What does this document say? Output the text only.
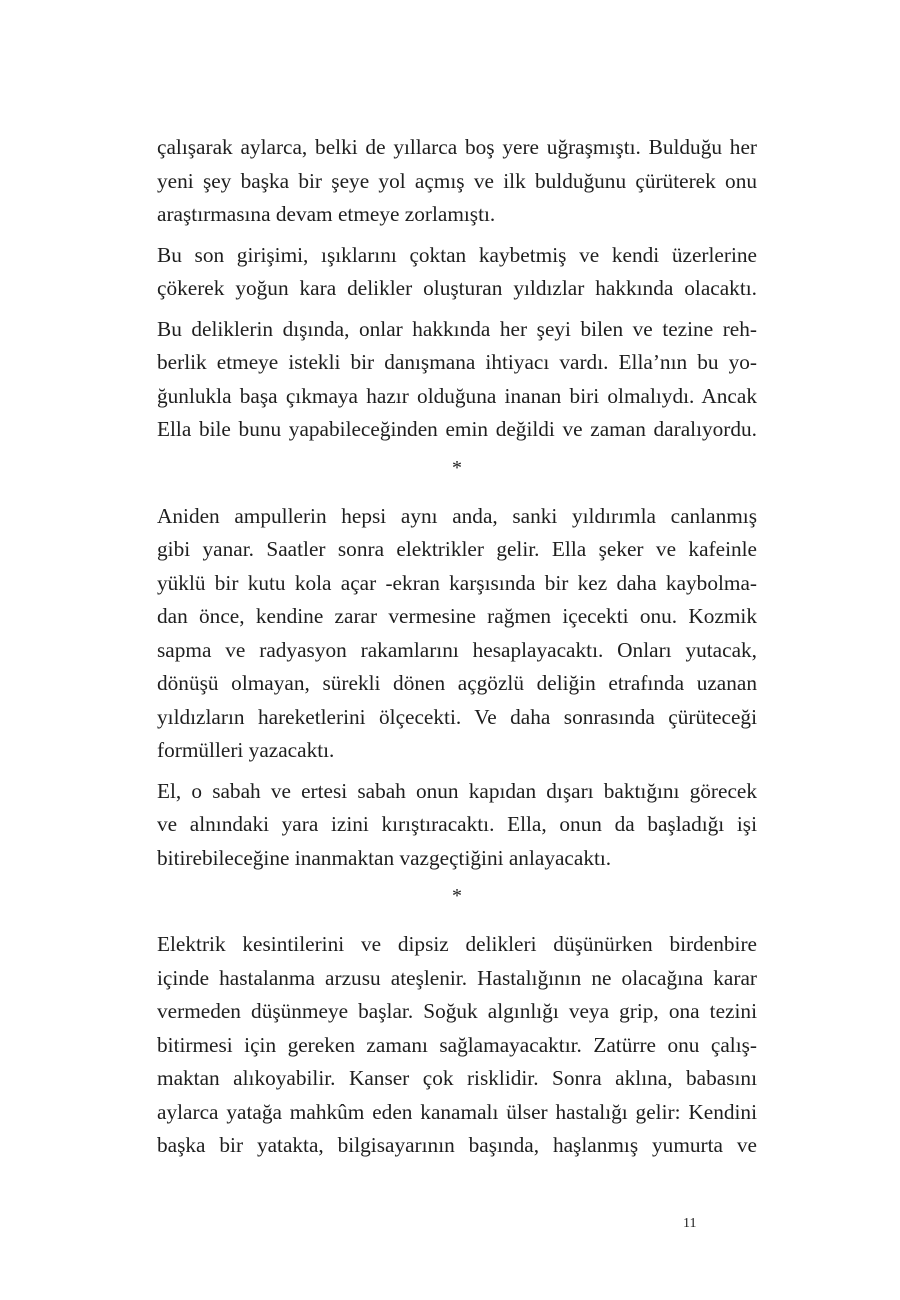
çalışarak aylarca, belki de yıllarca boş yere uğraşmıştı. Bulduğu her
yeni şey başka bir şeye yol açmış ve ilk bulduğunu çürüterek onu
araştırmasına devam etmeye zorlamıştı.
Bu son girişimi, ışıklarını çoktan kaybetmiş ve kendi üzerlerine
çökerek yoğun kara delikler oluşturan yıldızlar hakkında olacaktı.
Bu deliklerin dışında, onlar hakkında her şeyi bilen ve tezine reh-
berlik etmeye istekli bir danışmana ihtiyacı vardı. Ella’nın bu yo-
ğunlukla başa çıkmaya hazır olduğuna inanan biri olmalıydı. Ancak
Ella bile bunu yapabileceğinden emin değildi ve zaman daralıyordu.
*
Aniden ampullerin hepsi aynı anda, sanki yıldırımla canlanmış
gibi yanar. Saatler sonra elektrikler gelir. Ella şeker ve kafeinle
yüklü bir kutu kola açar -ekran karşısında bir kez daha kaybolma-
dan önce, kendine zarar vermesine rağmen içecekti onu. Kozmik
sapma ve radyasyon rakamlarını hesaplayacaktı. Onları yutacak,
dönüşü olmayan, sürekli dönen açgözlü deliğin etrafında uzanan
yıldızların hareketlerini ölçecekti. Ve daha sonrasında çürüteceği
formülleri yazacaktı.
El, o sabah ve ertesi sabah onun kapıdan dışarı baktığını görecek
ve alnındaki yara izini kırıştıracaktı. Ella, onun da başladığı işi
bitirebileceğine inanmaktan vazgeçtiğini anlayacaktı.
*
Elektrik kesintilerini ve dipsiz delikleri düşünürken birdenbire
içinde hastalanma arzusu ateşlenir. Hastalığının ne olacağına karar
vermeden düşünmeye başlar. Soğuk algınlığı veya grip, ona tezini
bitirmesi için gereken zamanı sağlamayacaktır. Zatürre onu çalış-
maktan alıkoyabilir. Kanser çok risklidir. Sonra aklına, babasını
aylarca yatağa mahkûm eden kanamalı ülser hastalığı gelir: Kendini
başka bir yatakta, bilgisayarının başında, haşlanmış yumurta ve
11
